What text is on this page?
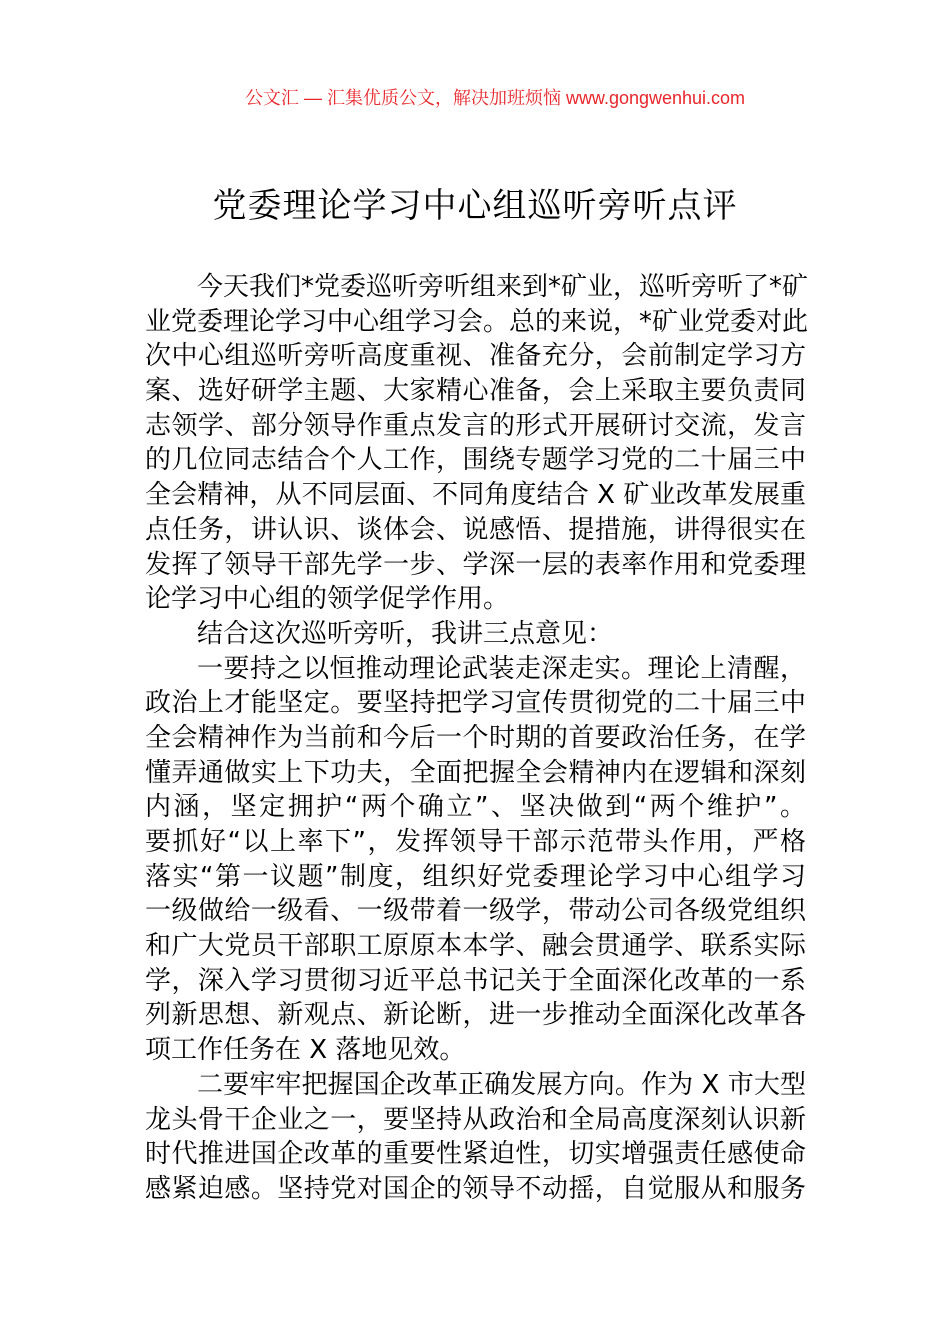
公文汇 — 汇集优质公文，解决加班烦恼 www.gongwenhui.com
党委理论学习中心组巡听旁听点评
今天我们*党委巡听旁听组来到*矿业，巡听旁听了*矿
业党委理论学习中心组学习会。总的来说，*矿业党委对此
次中心组巡听旁听高度重视、准备充分，会前制定学习方
案、选好研学主题、大家精心准备，会上采取主要负责同
志领学、部分领导作重点发言的形式开展研讨交流，发言
的几位同志结合个人工作，围绕专题学习党的二十届三中
全会精神，从不同层面、不同角度结合 X 矿业改革发展重
点任务，讲认识、谈体会、说感悟、提措施，讲得很实在
发挥了领导干部先学一步、学深一层的表率作用和党委理
论学习中心组的领学促学作用。
结合这次巡听旁听，我讲三点意见：
一要持之以恒推动理论武装走深走实。理论上清醒，
政治上才能坚定。要坚持把学习宣传贯彻党的二十届三中
全会精神作为当前和今后一个时期的首要政治任务，在学
懂弄通做实上下功夫，全面把握全会精神内在逻辑和深刻
内涵，坚定拥护“两个确立”、坚决做到“两个维护”。
要抓好“以上率下”，发挥领导干部示范带头作用，严格
落实“第一议题”制度，组织好党委理论学习中心组学习
一级做给一级看、一级带着一级学，带动公司各级党组织
和广大党员干部职工原原本本学、融会贯通学、联系实际
学，深入学习贯彻习近平总书记关于全面深化改革的一系
列新思想、新观点、新论断，进一步推动全面深化改革各
项工作任务在 X 落地见效。
二要牢牢把握国企改革正确发展方向。作为 X 市大型
龙头骨干企业之一，要坚持从政治和全局高度深刻认识新
时代推进国企改革的重要性紧迫性，切实增强责任感使命
感紧迫感。坚持党对国企的领导不动摇，自觉服从和服务
